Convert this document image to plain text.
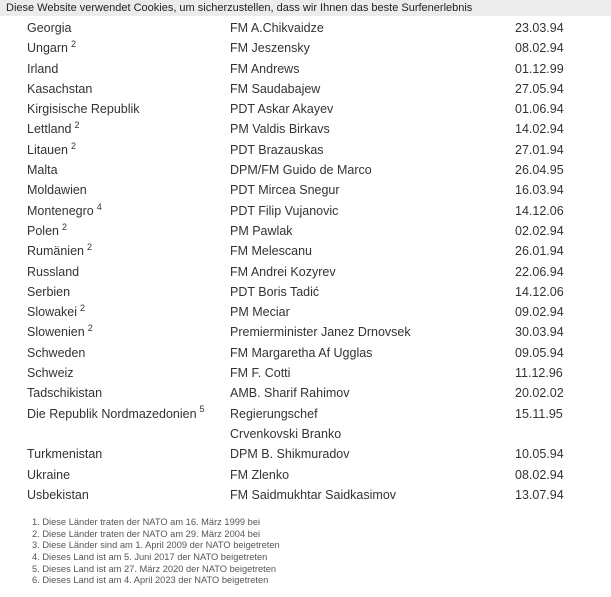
Diese Website verwendet Cookies, um sicherzustellen, dass wir Ihnen das beste Surfenerlebnis
Georgia	FM A.Chikvaidze	23.03.94
Ungarn $^2$	FM Jeszensky	08.02.94
Irland	FM Andrews	01.12.99
Kasachstan	FM Saudabajew	27.05.94
Kirgisische Republik	PDT Askar Akayev	01.06.94
Lettland $^2$	PM Valdis Birkavs	14.02.94
Litauen $^2$	PDT Brazauskas	27.01.94
Malta	DPM/FM Guido de Marco	26.04.95
Moldawien	PDT Mircea Snegur	16.03.94
Montenegro $^4$	PDT Filip Vujanovic	14.12.06
Polen $^2$	PM Pawlak	02.02.94
Rumänien $^2$	FM Melescanu	26.01.94
Russland	FM Andrei Kozyrev	22.06.94
Serbien	PDT Boris Tadić	14.12.06
Slowakei $^2$	PM Meciar	09.02.94
Slowenien $^2$	Premierminister Janez Drnovsek	30.03.94
Schweden	FM Margaretha Af Ugglas	09.05.94
Schweiz	FM F. Cotti	11.12.96
Tadschikistan	AMB. Sharif Rahimov	20.02.02
Die Republik Nordmazedonien $^5$	Regierungschef Crvenkovski Branko	15.11.95
Turkmenistan	DPM B. Shikmuradov	10.05.94
Ukraine	FM Zlenko	08.02.94
Usbekistan	FM Saidmukhtar Saidkasimov	13.07.94
1. Diese Länder traten der NATO am 16. März 1999 bei
2. Diese Länder traten der NATO am 29. März 2004 bei
3. Diese Länder sind am 1. April 2009 der NATO beigetreten
4. Dieses Land ist am 5. Juni 2017 der NATO beigetreten
5. Dieses Land ist am 27. März 2020 der NATO beigetreten
6. Dieses Land ist am 4. April 2023 der NATO beigetreten
